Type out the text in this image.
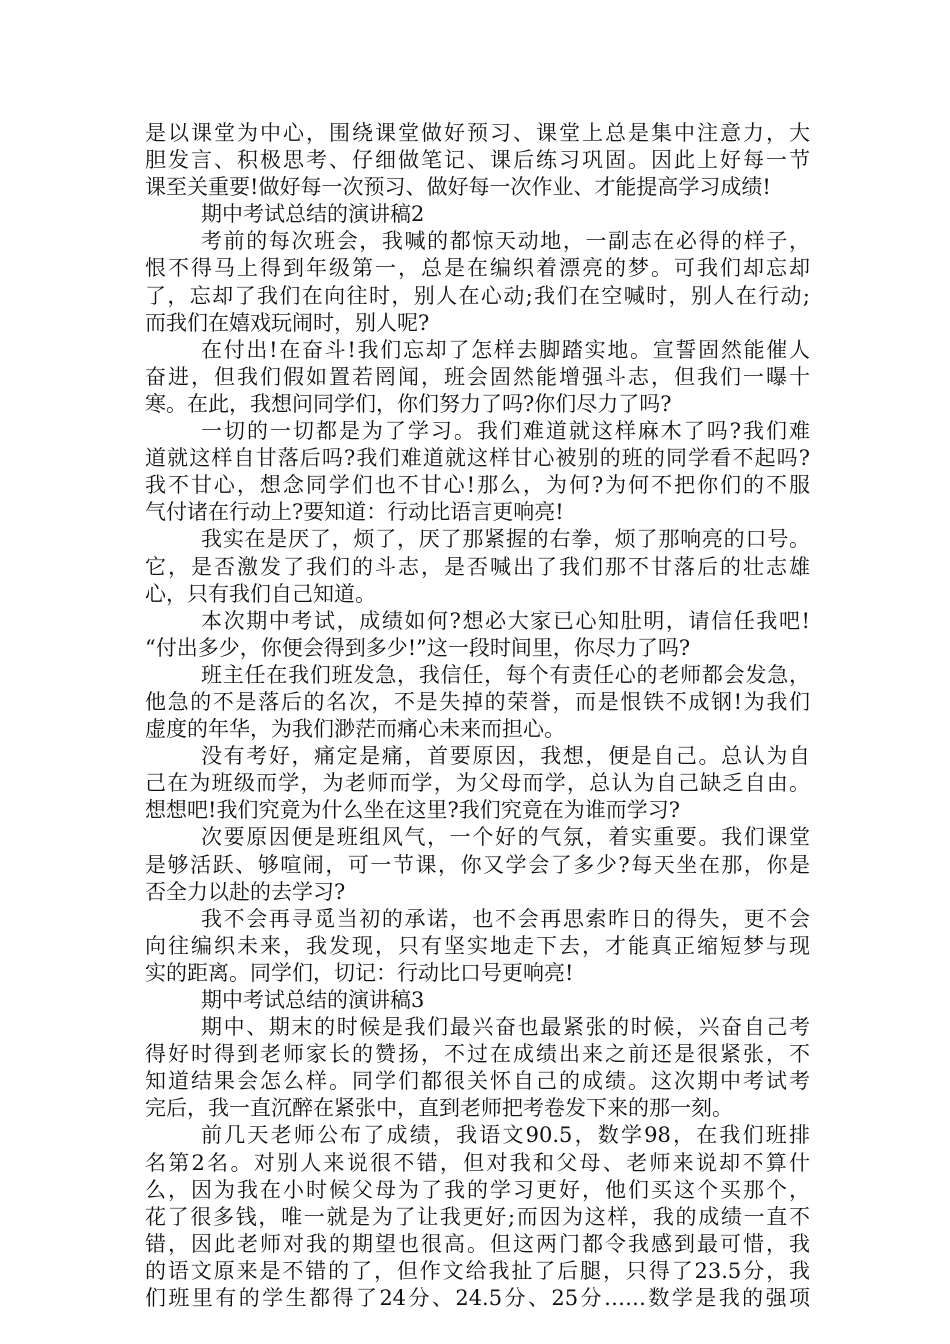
是以课堂为中心，围绕课堂做好预习、课堂上总是集中注意力，大
胆发言、积极思考、仔细做笔记、课后练习巩固。因此上好每一节
课至关重要!做好每一次预习、做好每一次作业、才能提高学习成绩!
期中考试总结的演讲稿2
考前的每次班会，我喊的都惊天动地，一副志在必得的样子，
恨不得马上得到年级第一，总是在编织着漂亮的梦。可我们却忘却
了，忘却了我们在向往时，别人在心动;我们在空喊时，别人在行动;
而我们在嬉戏玩闹时，别人呢?
在付出!在奋斗!我们忘却了怎样去脚踏实地。宣誓固然能催人
奋进，但我们假如置若罔闻，班会固然能增强斗志，但我们一曝十
寒。在此，我想问同学们，你们努力了吗?你们尽力了吗?
一切的一切都是为了学习。我们难道就这样麻木了吗?我们难
道就这样自甘落后吗?我们难道就这样甘心被别的班的同学看不起吗?
我不甘心，想念同学们也不甘心!那么，为何?为何不把你们的不服
气付诸在行动上?要知道：行动比语言更响亮!
我实在是厌了，烦了，厌了那紧握的右拳，烦了那响亮的口号。
它，是否激发了我们的斗志，是否喊出了我们那不甘落后的壮志雄
心，只有我们自己知道。
本次期中考试，成绩如何?想必大家已心知肚明，请信任我吧!
“付出多少，你便会得到多少!”这一段时间里，你尽力了吗?
班主任在我们班发急，我信任，每个有责任心的老师都会发急，
他急的不是落后的名次，不是失掉的荣誉，而是恨铁不成钢!为我们
虚度的年华，为我们渺茫而痛心未来而担心。
没有考好，痛定是痛，首要原因，我想，便是自己。总认为自
己在为班级而学，为老师而学，为父母而学，总认为自己缺乏自由。
想想吧!我们究竟为什么坐在这里?我们究竟在为谁而学习?
次要原因便是班组风气，一个好的气氛，着实重要。我们课堂
是够活跃、够喧闹，可一节课，你又学会了多少?每天坐在那，你是
否全力以赴的去学习?
我不会再寻觅当初的承诺，也不会再思索昨日的得失，更不会
向往编织未来，我发现，只有坚实地走下去，才能真正缩短梦与现
实的距离。同学们，切记：行动比口号更响亮!
期中考试总结的演讲稿3
期中、期末的时候是我们最兴奋也最紧张的时候，兴奋自己考
得好时得到老师家长的赞扬，不过在成绩出来之前还是很紧张，不
知道结果会怎么样。同学们都很关怀自己的成绩。这次期中考试考
完后，我一直沉醉在紧张中，直到老师把考卷发下来的那一刻。
前几天老师公布了成绩，我语文90.5，数学98，在我们班排
名第2名。对别人来说很不错，但对我和父母、老师来说却不算什
么，因为我在小时候父母为了我的学习更好，他们买这个买那个，
花了很多钱，唯一就是为了让我更好;而因为这样，我的成绩一直不
错，因此老师对我的期望也很高。但这两门都令我感到最可惜，我
的语文原来是不错的了，但作文给我扯了后腿，只得了23.5分，我
们班里有的学生都得了24分、24.5分、25分……数学是我的强项
